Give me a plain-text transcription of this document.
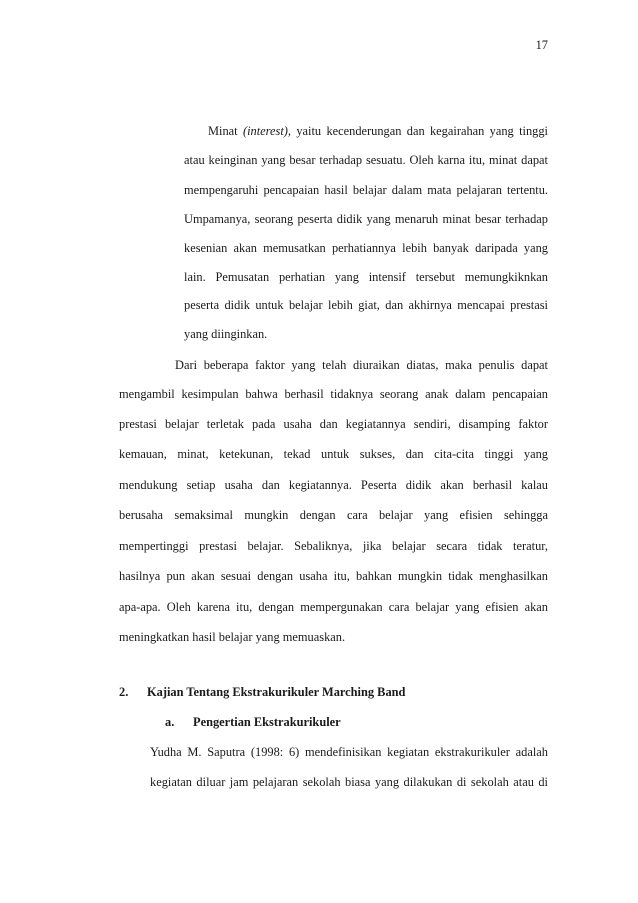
17
Minat (interest), yaitu kecenderungan dan kegairahan yang tinggi
atau keinginan yang besar terhadap sesuatu. Oleh karna itu, minat dapat
mempengaruhi pencapaian hasil belajar dalam mata pelajaran tertentu.
Umpamanya, seorang peserta didik yang menaruh minat besar terhadap
kesenian akan memusatkan perhatiannya lebih banyak daripada yang
lain. Pemusatan perhatian yang intensif tersebut memungkiknkan
peserta didik untuk belajar lebih giat, dan akhirnya mencapai prestasi
yang diinginkan.
Dari beberapa faktor yang telah diuraikan diatas, maka penulis dapat
mengambil kesimpulan bahwa berhasil tidaknya seorang anak dalam pencapaian
prestasi belajar terletak pada usaha dan kegiatannya sendiri, disamping faktor
kemauan, minat, ketekunan, tekad untuk sukses, dan cita-cita tinggi yang
mendukung setiap usaha dan kegiatannya. Peserta didik akan berhasil kalau
berusaha semaksimal mungkin dengan cara belajar yang efisien sehingga
mempertinggi prestasi belajar. Sebaliknya, jika belajar secara tidak teratur,
hasilnya pun akan sesuai dengan usaha itu, bahkan mungkin tidak menghasilkan
apa-apa. Oleh karena itu, dengan mempergunakan cara belajar yang efisien akan
meningkatkan hasil belajar yang memuaskan.
2. Kajian Tentang Ekstrakurikuler Marching Band
a. Pengertian Ekstrakurikuler
Yudha M. Saputra (1998: 6) mendefinisikan kegiatan ekstrakurikuler adalah
kegiatan diluar jam pelajaran sekolah biasa yang dilakukan di sekolah atau di
